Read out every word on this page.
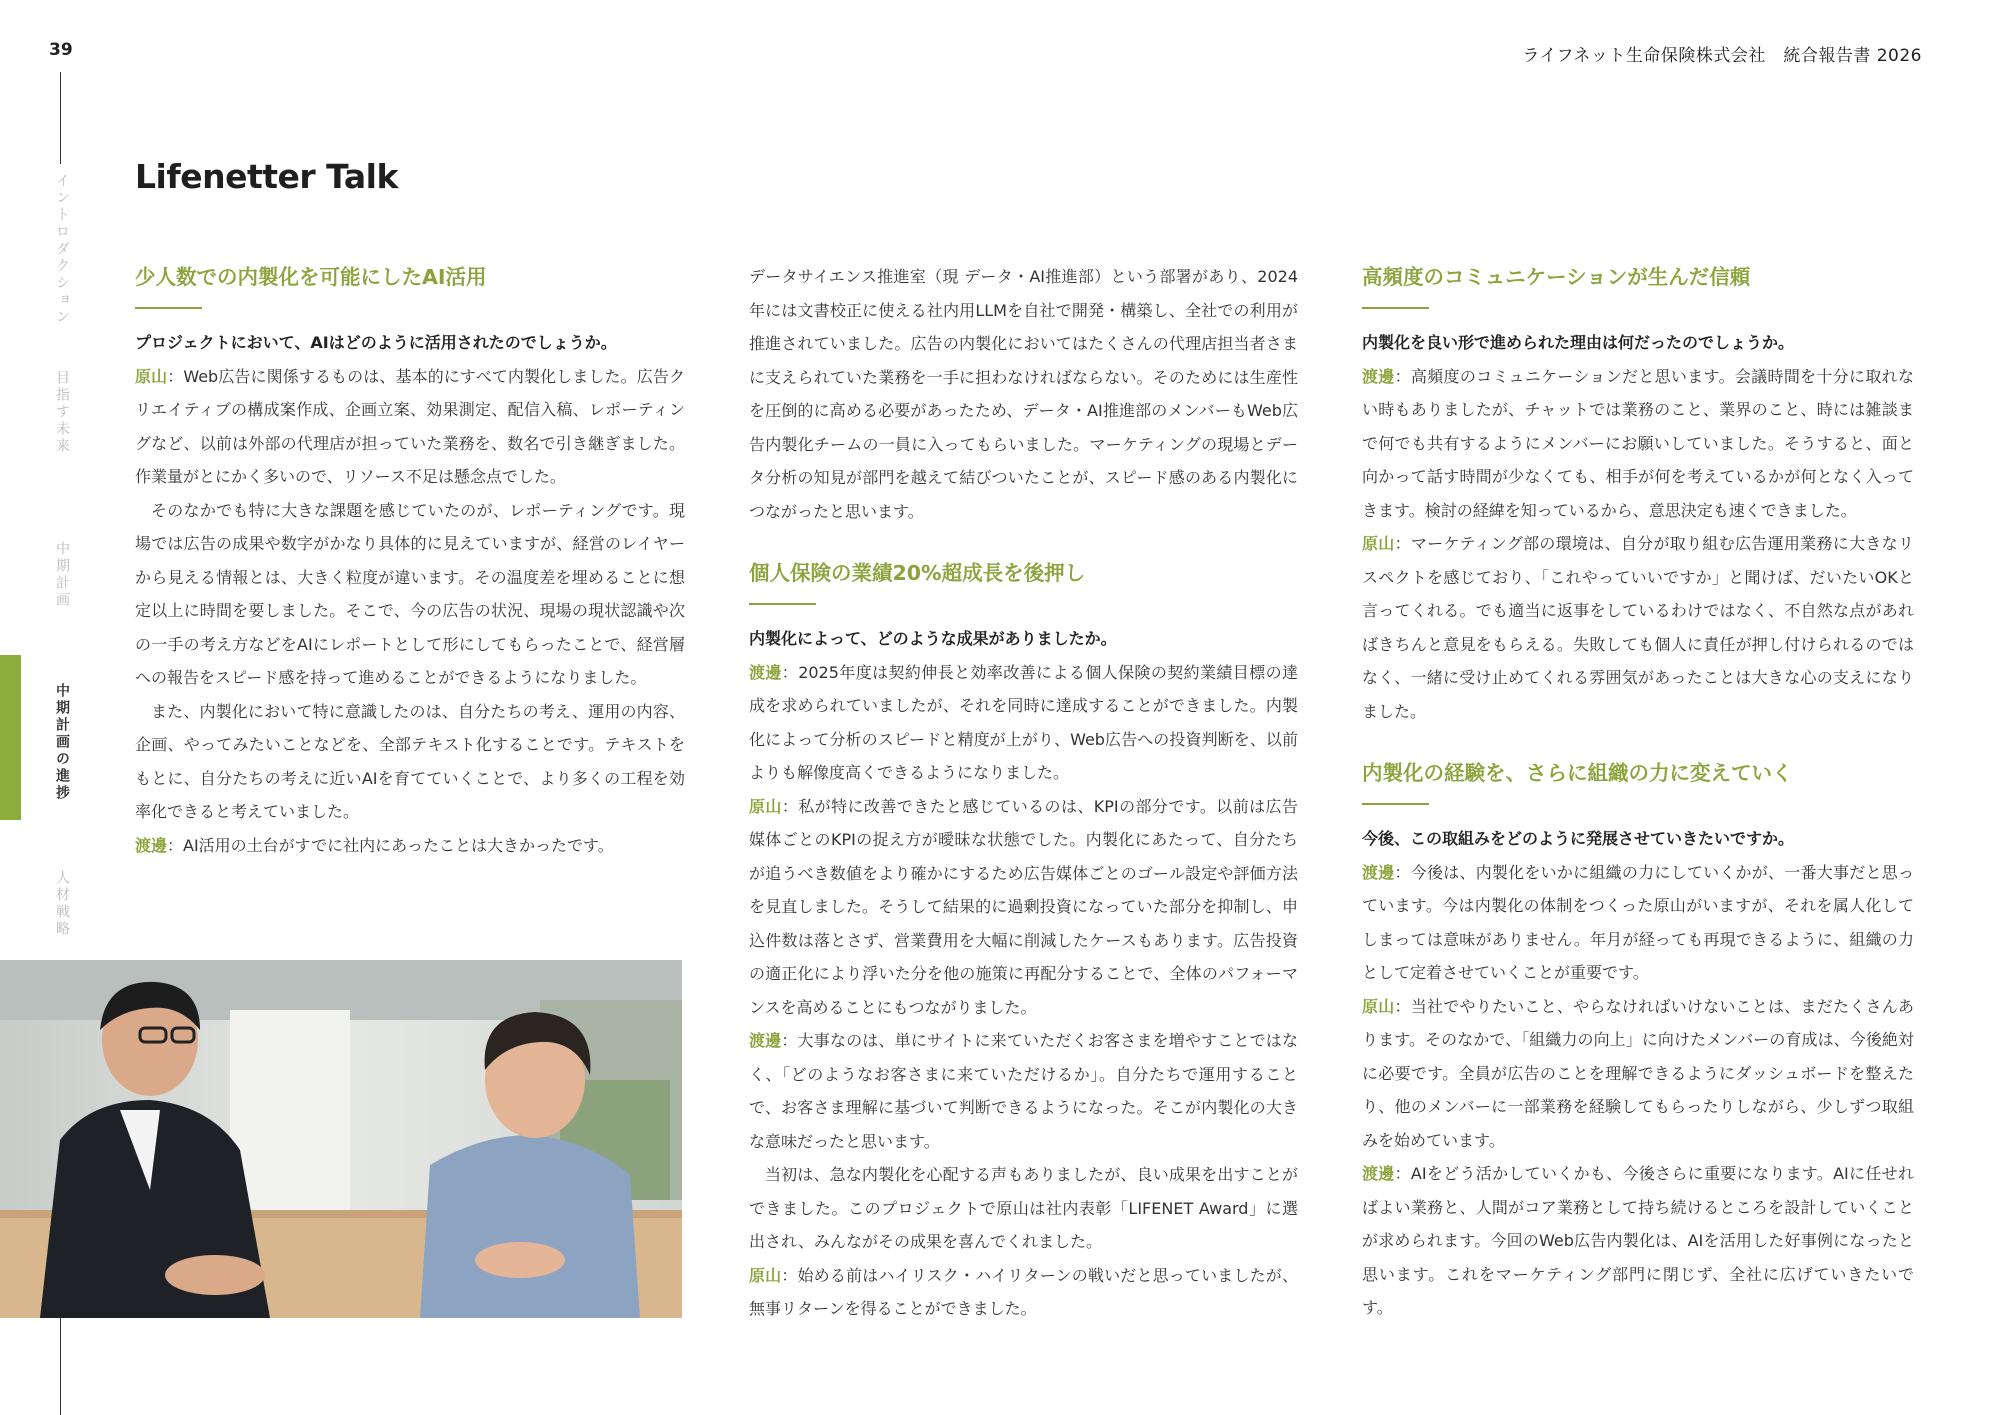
39	ライフネット生命保険株式会社　統合報告書 2026
イントロダクション
目指す未来
中期計画
中期計画の進捗
人材戦略
Lifenetter Talk
少人数での内製化を可能にしたAI活用

プロジェクトにおいて、AIはどのように活用されたのでしょうか。

原山：Web広告に関係するものは、基本的にすべて内製化しました。広告クリエイティブの構成案作成、企画立案、効果測定、配信入稿、レポーティングなど、以前は外部の代理店が担っていた業務を、数名で引き継ぎました。作業量がとにかく多いので、リソース不足は懸念点でした。

そのなかでも特に大きな課題を感じていたのが、レポーティングです。現場では広告の成果や数字がかなり具体的に見えていますが、経営のレイヤーから見える情報とは、大きく粒度が違います。その温度差を埋めることに想定以上に時間を要しました。そこで、今の広告の状況、現場の現状認識や次の一手の考え方などをAIにレポートとして形にしてもらったことで、経営層への報告をスピード感を持って進めることができるようになりました。

また、内製化において特に意識したのは、自分たちの考え、運用の内容、企画、やってみたいことなどを、全部テキスト化することです。テキストをもとに、自分たちの考えに近いAIを育てていくことで、より多くの工程を効率化できると考えていました。

渡邊：AI活用の土台がすでに社内にあったことは大きかったです。

データサイエンス推進室（現 データ・AI推進部）という部署があり、2024年には文書校正に使える社内用LLMを自社で開発・構築し、全社での利用が推進されていました。広告の内製化においてはたくさんの代理店担当者さまに支えられていた業務を一手に担わなければならない。そのためには生産性を圧倒的に高める必要があったため、データ・AI推進部のメンバーもWeb広告内製化チームの一員に入ってもらいました。マーケティングの現場とデータ分析の知見が部門を越えて結びついたことが、スピード感のある内製化につながったと思います。

個人保険の業績20%超成長を後押し

内製化によって、どのような成果がありましたか。

渡邊：2025年度は契約伸長と効率改善による個人保険の契約業績目標の達成を求められていましたが、それを同時に達成することができました。内製化によって分析のスピードと精度が上がり、Web広告への投資判断を、以前よりも解像度高くできるようになりました。

原山：私が特に改善できたと感じているのは、KPIの部分です。以前は広告媒体ごとのKPIの捉え方が曖昧な状態でした。内製化にあたって、自分たちが追うべき数値をより確かにするため広告媒体ごとのゴール設定や評価方法を見直しました。そうして結果的に過剰投資になっていた部分を抑制し、申込件数は落とさず、営業費用を大幅に削減したケースもあります。広告投資の適正化により浮いた分を他の施策に再配分することで、全体のパフォーマンスを高めることにもつながりました。

渡邊：大事なのは、単にサイトに来ていただくお客さまを増やすことではなく、「どのようなお客さまに来ていただけるか」。自分たちで運用することで、お客さま理解に基づいて判断できるようになった。そこが内製化の大きな意味だったと思います。

当初は、急な内製化を心配する声もありましたが、良い成果を出すことができました。このプロジェクトで原山は社内表彰「LIFENET Award」に選出され、みんながその成果を喜んでくれました。

原山：始める前はハイリスク・ハイリターンの戦いだと思っていましたが、無事リターンを得ることができました。

高頻度のコミュニケーションが生んだ信頼

内製化を良い形で進められた理由は何だったのでしょうか。

渡邊：高頻度のコミュニケーションだと思います。会議時間を十分に取れない時もありましたが、チャットでは業務のこと、業界のこと、時には雑談まで何でも共有するようにメンバーにお願いしていました。そうすると、面と向かって話す時間が少なくても、相手が何を考えているかが何となく入ってきます。検討の経緯を知っているから、意思決定も速くできました。

原山：マーケティング部の環境は、自分が取り組む広告運用業務に大きなリスペクトを感じており、「これやっていいですか」と聞けば、だいたいOKと言ってくれる。でも適当に返事をしているわけではなく、不自然な点があればきちんと意見をもらえる。失敗しても個人に責任が押し付けられるのではなく、一緒に受け止めてくれる雰囲気があったことは大きな心の支えになりました。

内製化の経験を、さらに組織の力に変えていく

今後、この取組みをどのように発展させていきたいですか。

渡邊：今後は、内製化をいかに組織の力にしていくかが、一番大事だと思っています。今は内製化の体制をつくった原山がいますが、それを属人化してしまっては意味がありません。年月が経っても再現できるように、組織の力として定着させていくことが重要です。

原山：当社でやりたいこと、やらなければいけないことは、まだたくさんあります。そのなかで、「組織力の向上」に向けたメンバーの育成は、今後絶対に必要です。全員が広告のことを理解できるようにダッシュボードを整えたり、他のメンバーに一部業務を経験してもらったりしながら、少しずつ取組みを始めています。

渡邊：AIをどう活かしていくかも、今後さらに重要になります。AIに任せればよい業務と、人間がコア業務として持ち続けるところを設計していくことが求められます。今回のWeb広告内製化は、AIを活用した好事例になったと思います。これをマーケティング部門に閉じず、全社に広げていきたいです。
